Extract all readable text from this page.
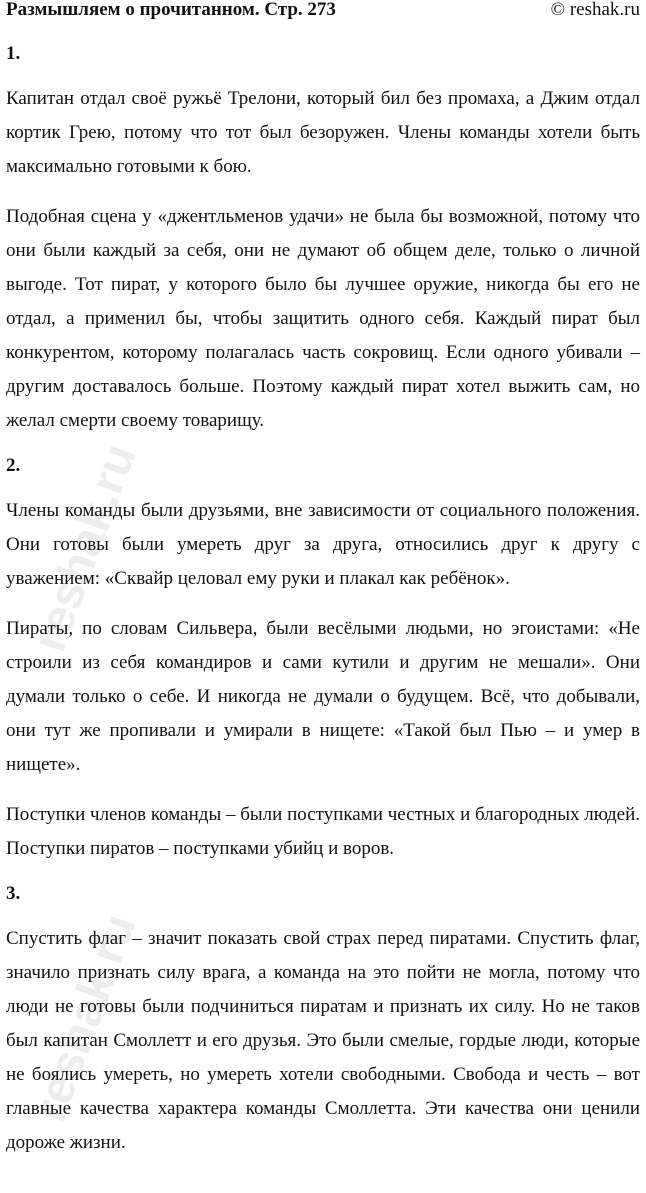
Размышляем о прочитанном. Стр. 273	© reshak.ru
reshak.ru
reshak.ru
1.

Капитан отдал своё ружьё Трелони, который бил без промаха, а Джим отдал кортик Грею, потому что тот был безоружен. Члены команды хотели быть максимально готовыми к бою.

Подобная сцена у «джентльменов удачи» не была бы возможной, потому что они были каждый за себя, они не думают об общем деле, только о личной выгоде. Тот пират, у которого было бы лучшее оружие, никогда бы его не отдал, а применил бы, чтобы защитить одного себя. Каждый пират был конкурентом, которому полагалась часть сокровищ. Если одного убивали – другим доставалось больше. Поэтому каждый пират хотел выжить сам, но желал смерти своему товарищу.

2.

Члены команды были друзьями, вне зависимости от социального положения. Они готовы были умереть друг за друга, относились друг к другу с уважением: «Сквайр целовал ему руки и плакал как ребёнок».

Пираты, по словам Сильвера, были весёлыми людьми, но эгоистами: «Не строили из себя командиров и сами кутили и другим не мешали». Они думали только о себе. И никогда не думали о будущем. Всё, что добывали, они тут же пропивали и умирали в нищете: «Такой был Пью – и умер в нищете».

Поступки членов команды – были поступками честных и благородных людей. Поступки пиратов – поступками убийц и воров.

3.

Спустить флаг – значит показать свой страх перед пиратами. Спустить флаг, значило признать силу врага, а команда на это пойти не могла, потому что люди не готовы были подчиниться пиратам и признать их силу. Но не таков был капитан Смоллетт и его друзья. Это были смелые, гордые люди, которые не боялись умереть, но умереть хотели свободными. Свобода и честь – вот главные качества характера команды Смоллетта. Эти качества они ценили дороже жизни.
